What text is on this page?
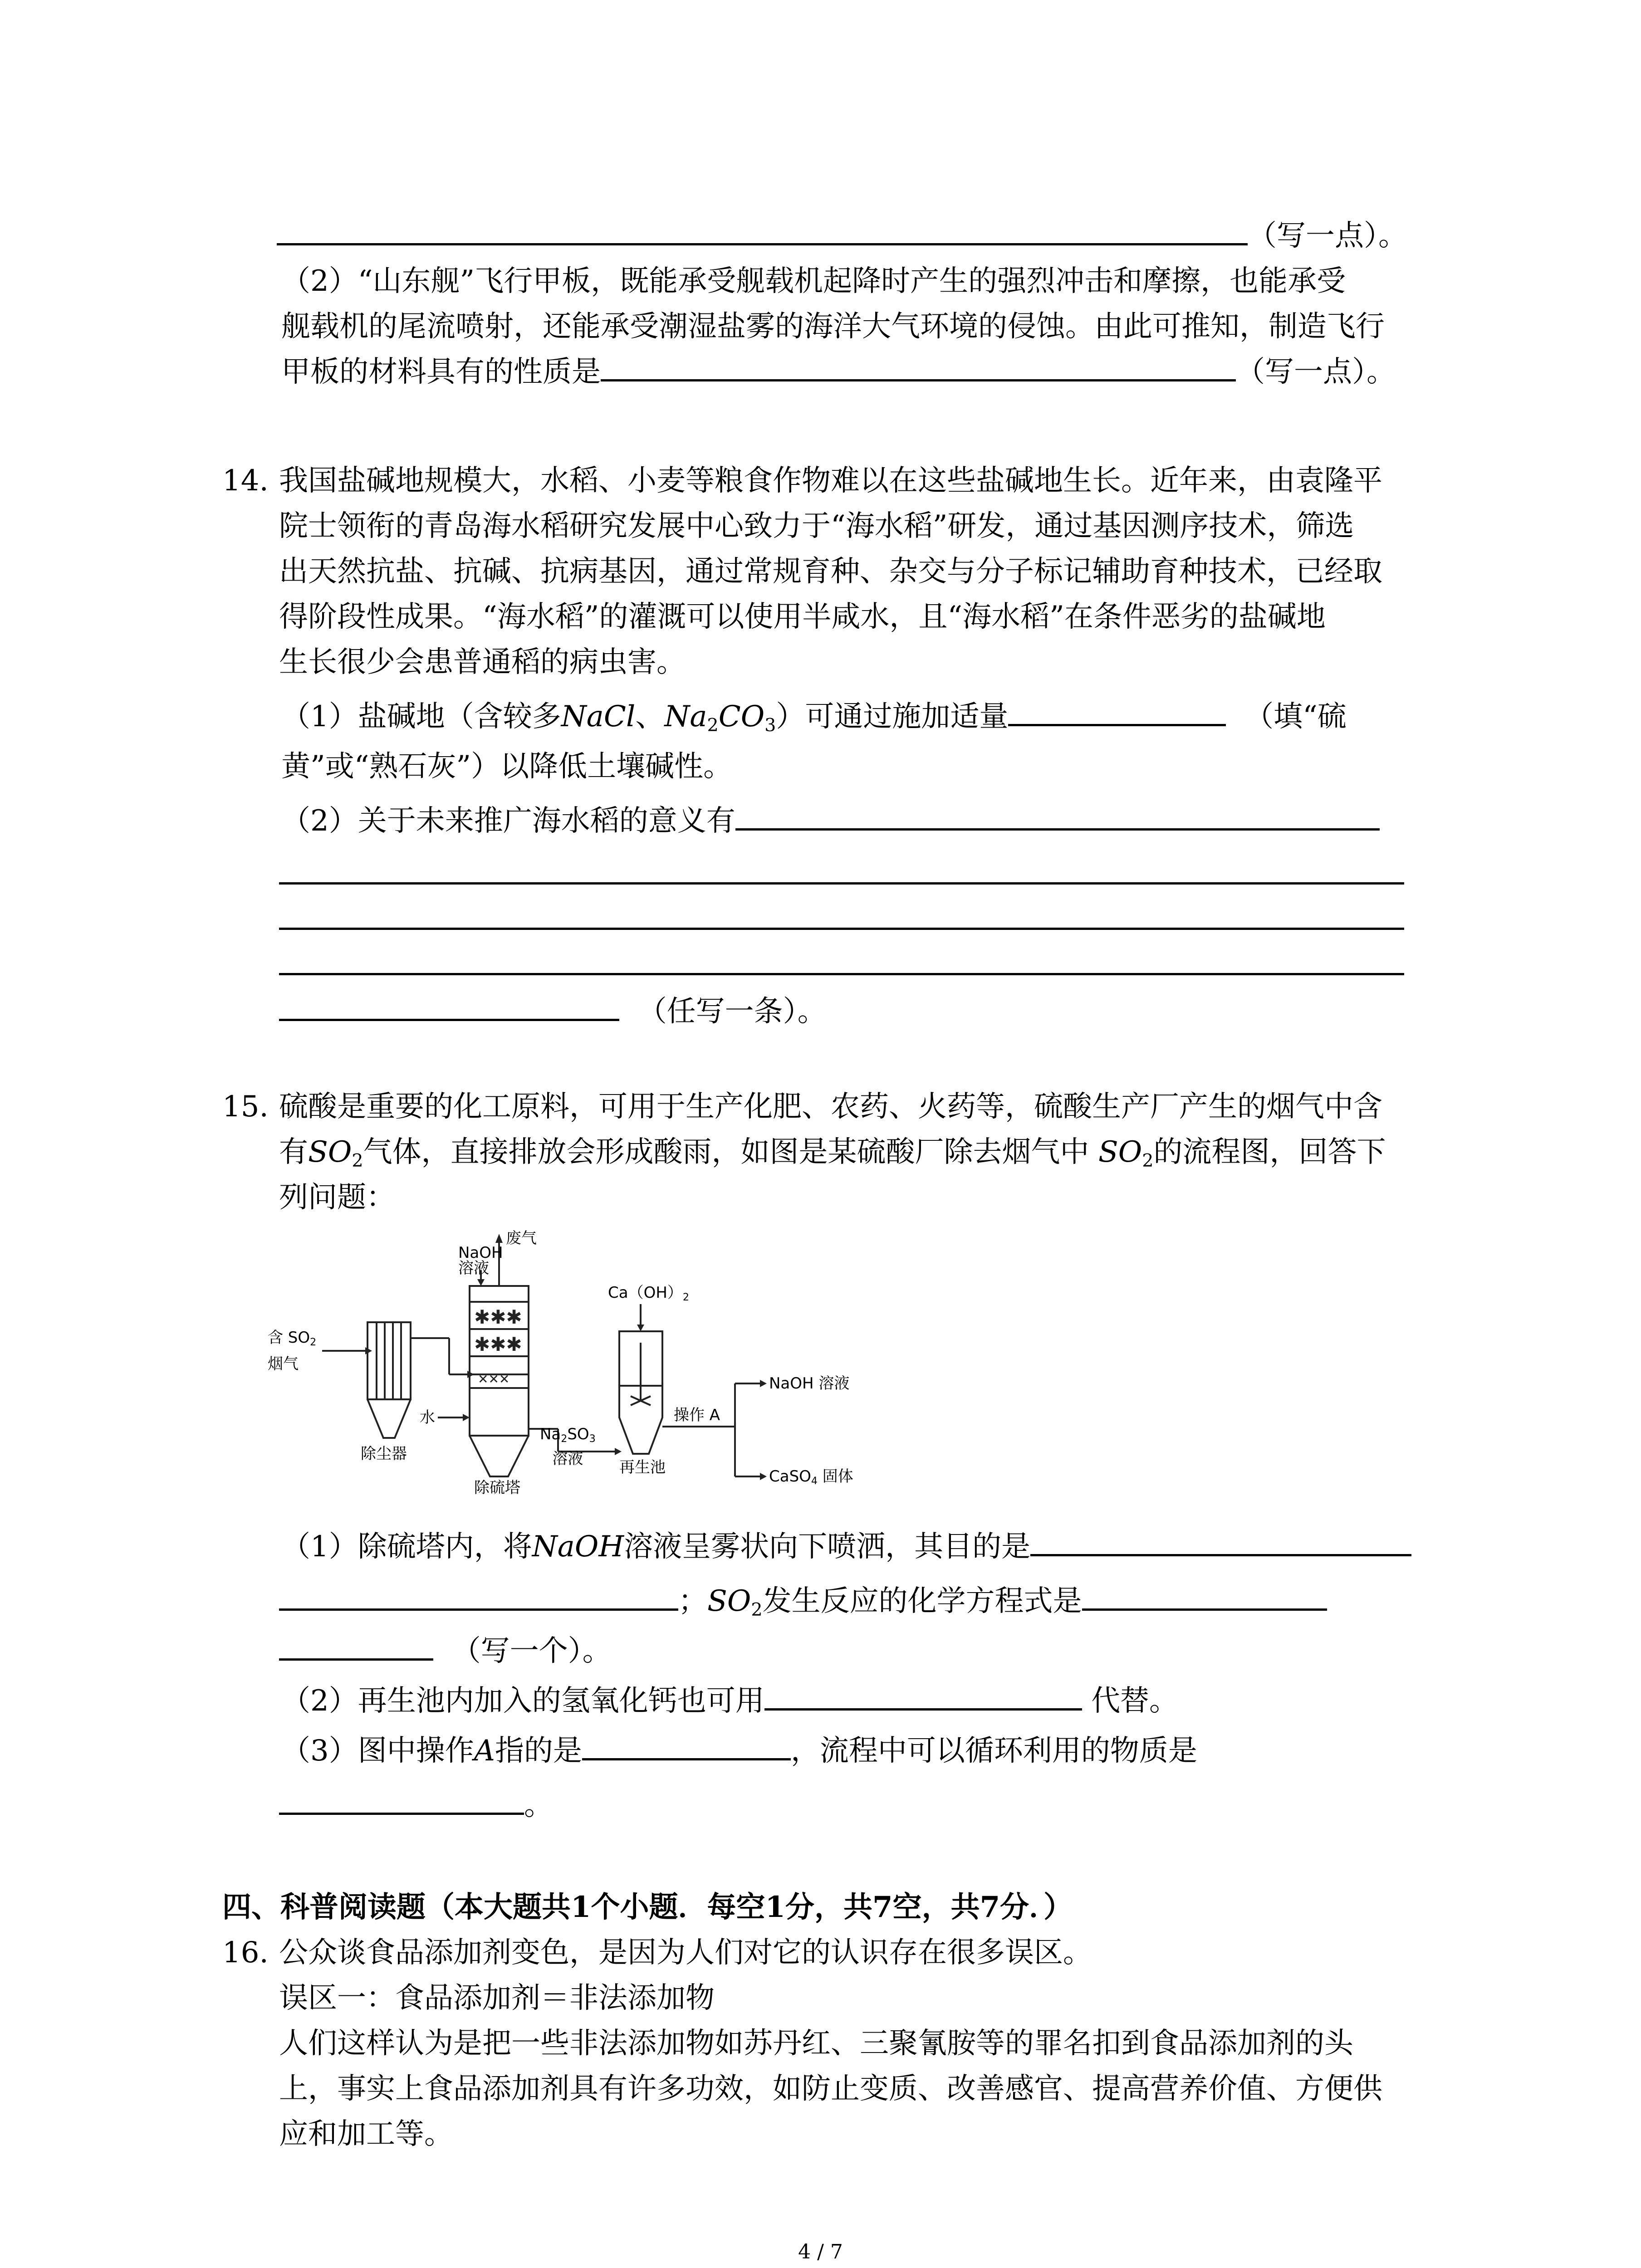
（写一点）。
（2）“山东舰”飞行甲板，既能承受舰载机起降时产生的强烈冲击和摩擦，也能承受
舰载机的尾流喷射，还能承受潮湿盐雾的海洋大气环境的侵蚀。由此可推知，制造飞行
甲板的材料具有的性质是	（写一点）。
14. 我国盐碱地规模大，水稻、小麦等粮食作物难以在这些盐碱地生长。近年来，由袁隆平
院士领衔的青岛海水稻研究发展中心致力于“海水稻”研发，通过基因测序技术，筛选
出天然抗盐、抗碱、抗病基因，通过常规育种、杂交与分子标记辅助育种技术，已经取
得阶段性成果。“海水稻”的灌溉可以使用半咸水，且“海水稻”在条件恶劣的盐碱地
生长很少会患普通稻的病虫害。
（1）盐碱地（含较多NaCl、$Na_2CO_3$）可通过施加适量	（填“硫
黄”或“熟石灰”）以降低土壤碱性。
（2）关于未来推广海水稻的意义有
（任写一条）。
15. 硫酸是重要的化工原料，可用于生产化肥、农药、火药等，硫酸生产厂产生的烟气中含
有$SO_2$气体，直接排放会形成酸雨，如图是某硫酸厂除去烟气中 $SO_2$的流程图，回答下
列问题：
✱✱✱
✱✱✱
✕✕✕
废气
NaOH
溶液
$Ca(OH)_2$
含 $SO_2$
烟气
水
除尘器
除硫塔
$Na_2SO_3$
溶液	再生池
操作 A
NaOH 溶液
CaSO$_4$ 固体
（1）除硫塔内，将NaOH溶液呈雾状向下喷洒，其目的是
；$SO_2$发生反应的化学方程式是
（写一个）。
（2）再生池内加入的氢氧化钙也可用	代替。
（3）图中操作A指的是	，流程中可以循环利用的物质是
。
四、科普阅读题（本大题共1个小题．每空1分，共7空，共7分．）
16. 公众谈食品添加剂变色，是因为人们对它的认识存在很多误区。
误区一：食品添加剂＝非法添加物
人们这样认为是把一些非法添加物如苏丹红、三聚氰胺等的罪名扣到食品添加剂的头
上，事实上食品添加剂具有许多功效，如防止变质、改善感官、提高营养价值、方便供
应和加工等。
4 / 7
